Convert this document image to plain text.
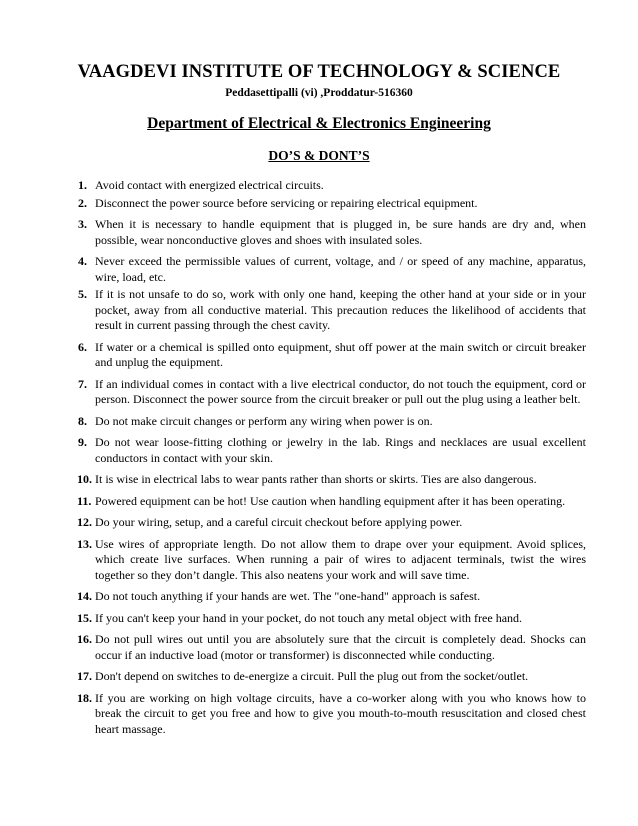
VAAGDEVI INSTITUTE OF TECHNOLOGY & SCIENCE
Peddasettipalli (vi) ,Proddatur-516360
Department of Electrical & Electronics Engineering
DO’S & DONT’S
1. Avoid contact with energized electrical circuits.
2. Disconnect the power source before servicing or repairing electrical equipment.
3. When it is necessary to handle equipment that is plugged in, be sure hands are dry and, when possible, wear nonconductive gloves and shoes with insulated soles.
4. Never exceed the permissible values of current, voltage, and / or speed of any machine, apparatus, wire, load, etc.
5. If it is not unsafe to do so, work with only one hand, keeping the other hand at your side or in your pocket, away from all conductive material. This precaution reduces the likelihood of accidents that result in current passing through the chest cavity.
6. If water or a chemical is spilled onto equipment, shut off power at the main switch or circuit breaker and unplug the equipment.
7. If an individual comes in contact with a live electrical conductor, do not touch the equipment, cord or person. Disconnect the power source from the circuit breaker or pull out the plug using a leather belt.
8. Do not make circuit changes or perform any wiring when power is on.
9. Do not wear loose-fitting clothing or jewelry in the lab. Rings and necklaces are usual excellent conductors in contact with your skin.
10. It is wise in electrical labs to wear pants rather than shorts or skirts. Ties are also dangerous.
11. Powered equipment can be hot! Use caution when handling equipment after it has been operating.
12. Do your wiring, setup, and a careful circuit checkout before applying power.
13. Use wires of appropriate length. Do not allow them to drape over your equipment. Avoid splices, which create live surfaces. When running a pair of wires to adjacent terminals, twist the wires together so they don’t dangle. This also neatens your work and will save time.
14. Do not touch anything if your hands are wet. The "one-hand" approach is safest.
15. If you can't keep your hand in your pocket, do not touch any metal object with free hand.
16. Do not pull wires out until you are absolutely sure that the circuit is completely dead. Shocks can occur if an inductive load (motor or transformer) is disconnected while conducting.
17. Don't depend on switches to de-energize a circuit. Pull the plug out from the socket/outlet.
18. If you are working on high voltage circuits, have a co-worker along with you who knows how to break the circuit to get you free and how to give you mouth-to-mouth resuscitation and closed chest heart massage.
